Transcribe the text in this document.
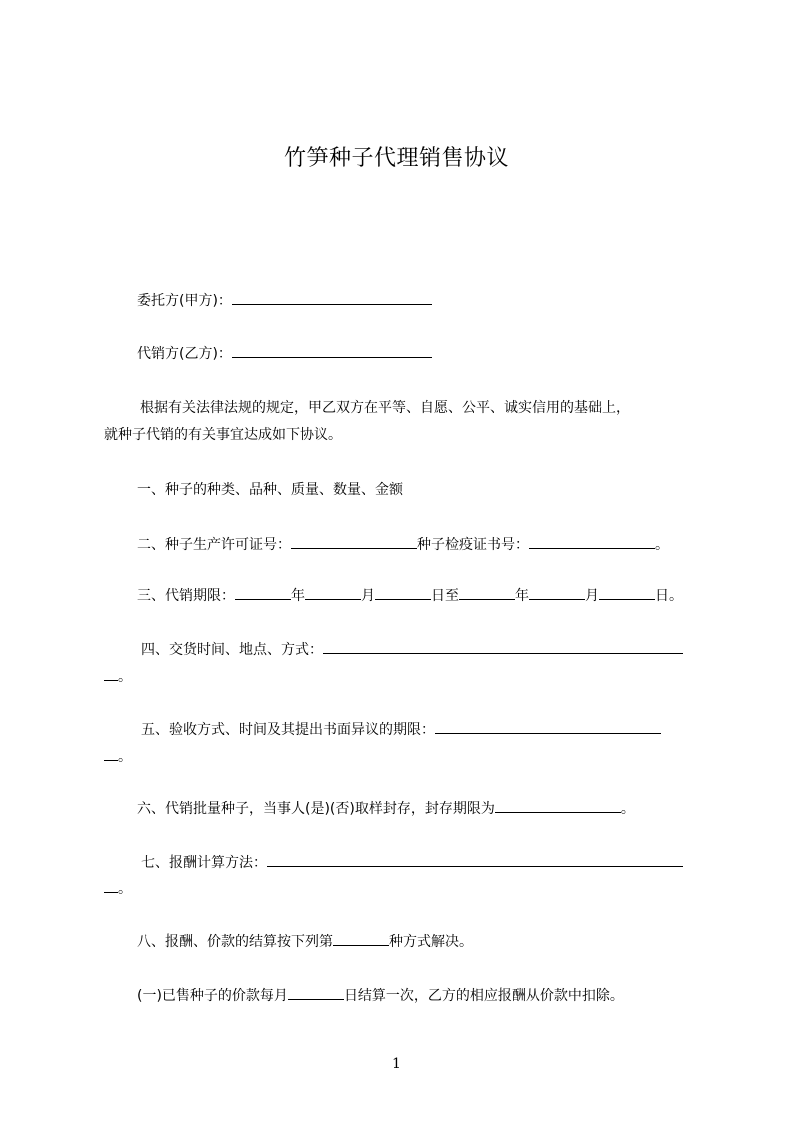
竹笋种子代理销售协议
委托方(甲方)：
代销方(乙方)：
根据有关法律法规的规定，甲乙双方在平等、自愿、公平、诚实信用的基础上，
就种子代销的有关事宜达成如下协议。
一、种子的种类、品种、质量、数量、金额
二、种子生产许可证号：	种子检疫证书号：	。
三、代销期限：	年	月	日至	年	月	日。
四、交货时间、地点、方式：
。
五、验收方式、时间及其提出书面异议的期限：
。
六、代销批量种子，当事人(是)(否)取样封存，封存期限为	。
七、报酬计算方法：
。
八、报酬、价款的结算按下列第	种方式解决。
(一)已售种子的价款每月	日结算一次，乙方的相应报酬从价款中扣除。
1
